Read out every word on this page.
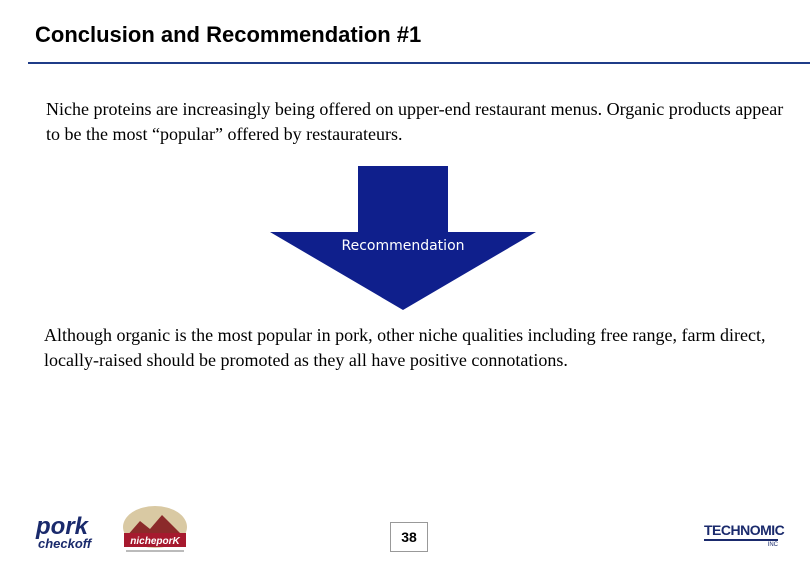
Conclusion and Recommendation #1
Niche proteins are increasingly being offered on upper-end restaurant menus. Organic products appear to be the most “popular” offered by restaurateurs.
Recommendation
Although organic is the most popular in pork, other niche qualities including free range, farm direct, locally-raised should be promoted as they all have positive connotations.
pork
checkoff	nicheporK	38	TECHNOMIC
INC
